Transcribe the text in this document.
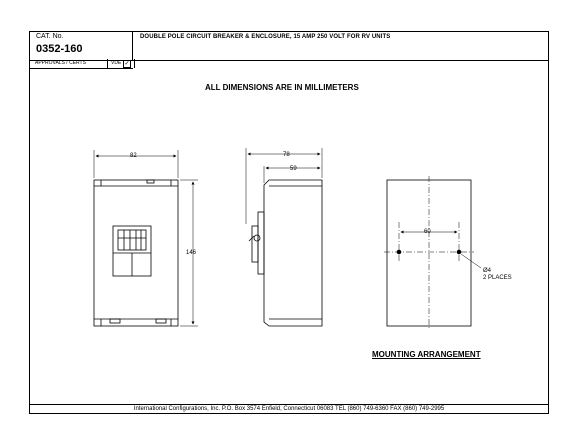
CAT. No.
0352-160
DOUBLE POLE CIRCUIT BREAKER & ENCLOSURE, 15 AMP 250 VOLT FOR RV UNITS
APPROVALS / CERTS	VDE ✓
International Configurations, Inc. P.O. Box 3574 Enfield, Connecticut 06083 TEL (860) 749-6360 FAX (860) 749-2995
ALL DIMENSIONS ARE IN MILLIMETERS
MOUNTING ARRANGEMENT
82
146
78
59
60
Ø4
2 PLACES
